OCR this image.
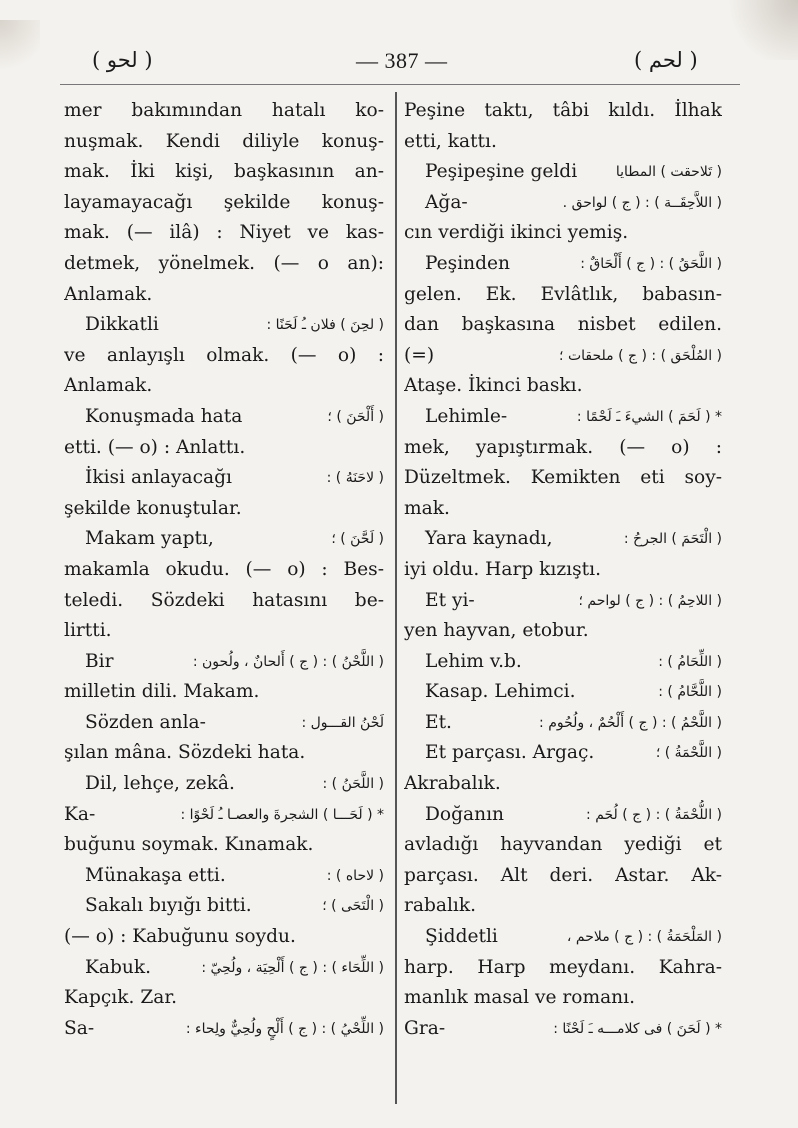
( لحو )	— 387 —	( لحم )
mer bakımından hatalı ko-
nuşmak. Kendi diliyle konuş-
mak. İki kişi, başkasının an-
layamayacağı şekilde konuş-
mak. (— ilâ) : Niyet ve kas-
detmek, yönelmek. (— o an):
Anlamak.
Dikkatli	( لحِنَ ) فلان ـُ لَحَنًا :
ve anlayışlı olmak. (— o) :
Anlamak.
Konuşmada hata	( أَلْحَنَ ) ؛
etti. (— o) : Anlattı.
İkisi anlayacağı	( لاحَنَهُ ) :
şekilde konuştular.
Makam yaptı,	( لَحَّنَ ) ؛
makamla okudu. (— o) : Bes-
teledi. Sözdeki hatasını be-
lirtti.
Bir	( اللَّحْنُ ) : ( ج ) أَلحانٌ ، ولُحون :
milletin dili. Makam.
Sözden anla-	لَحْنُ القـــول :
şılan mâna. Sözdeki hata.
Dil, lehçe, zekâ.	( اللَّحَنُ ) :
Ka-	* ( لَحَـــا ) الشجرةَ والعصـا ـُ لَحْوًا :
buğunu soymak. Kınamak.
Münakaşa etti.	( لاحاه ) :
Sakalı bıyığı bitti.	( الْتَحَى ) ؛
(— o) : Kabuğunu soydu.
Kabuk.	( اللِّحَاء ) : ( ج ) أَلْحِيَة ، ولُحِيّ :
Kapçık. Zar.
Sa-	( اللِّحْيُ ) : ( ج ) أَلْحٍ ولُحِيٌّ ولِحاء :
Peşine taktı, tâbi kıldı. İlhak
etti, kattı.
Peşipeşine geldi	( تَلاحقت ) المطايا
Ağa-	( اللاَّحِقَــة ) : ( ج ) لواحق .
cın verdiği ikinci yemiş.
Peşinden	( اللَّحَقُ ) : ( ج ) أَلْحَاقٌ :
gelen. Ek. Evlâtlık, babasın-
dan başkasına nisbet edilen.
(=)	( المُلْحَق ) : ( ج ) ملحقات ؛
Ataşe. İkinci baskı.
Lehimle-	* ( لَحَمَ ) الشيءَ ـَ لَحْمًا :
mek, yapıştırmak. (— o) :
Düzeltmek. Kemikten eti soy-
mak.
Yara kaynadı,	( الْتَحَمَ ) الجرحُ :
iyi oldu. Harp kızıştı.
Et yi-	( اللاحِمُ ) : ( ج ) لواحم ؛
yen hayvan, etobur.
Lehim v.b.	( اللِّحَامُ ) :
Kasap. Lehimci.	( اللَّحَّامُ ) :
Et.	( اللَّحْمُ ) : ( ج ) أَلْحُمٌ ، ولُحُوم :
Et parçası. Argaç.	( اللَّحْمَةُ ) ؛
Akrabalık.
Doğanın	( اللُّحْمَةُ ) : ( ج ) لُحَم :
avladığı hayvandan yediği et
parçası. Alt deri. Astar. Ak-
rabalık.
Şiddetli	( المَلْحَمَةُ ) : ( ج ) ملاحم ،
harp. Harp meydanı. Kahra-
manlık masal ve romanı.
Gra-	* ( لَحَنَ ) فى كلامـــه ـَ لَحْنًا :
